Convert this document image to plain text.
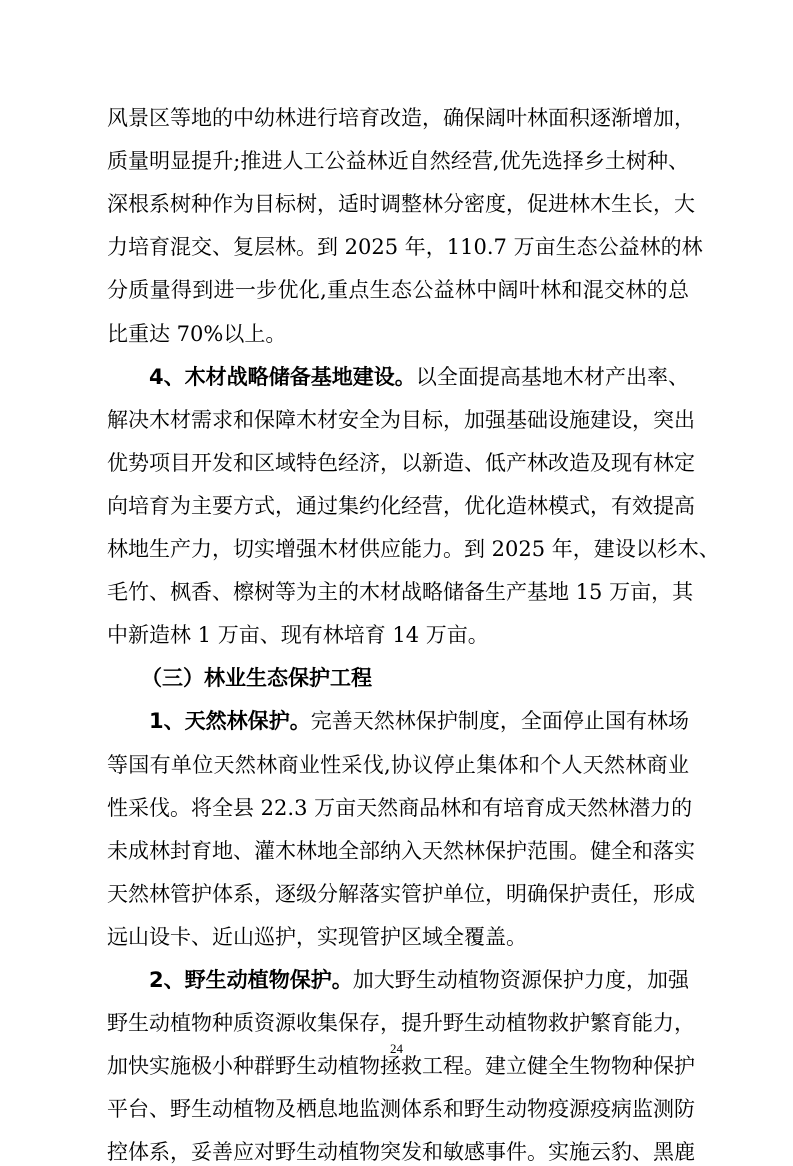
24
风景区等地的中幼林进行培育改造，确保阔叶林面积逐渐增加，
质量明显提升;推进人工公益林近自然经营,优先选择乡土树种、
深根系树种作为目标树，适时调整林分密度，促进林木生长，大
力培育混交、复层林。到 2025 年，110.7 万亩生态公益林的林
分质量得到进一步优化,重点生态公益林中阔叶林和混交林的总
比重达 70%以上。
4、木材战略储备基地建设。以全面提高基地木材产出率、
解决木材需求和保障木材安全为目标，加强基础设施建设，突出
优势项目开发和区域特色经济，以新造、低产林改造及现有林定
向培育为主要方式，通过集约化经营，优化造林模式，有效提高
林地生产力，切实增强木材供应能力。到 2025 年，建设以杉木、
毛竹、枫香、檫树等为主的木材战略储备生产基地 15 万亩，其
中新造林 1 万亩、现有林培育 14 万亩。
（三）林业生态保护工程
1、天然林保护。完善天然林保护制度，全面停止国有林场
等国有单位天然林商业性采伐,协议停止集体和个人天然林商业
性采伐。将全县 22.3 万亩天然商品林和有培育成天然林潜力的
未成林封育地、灌木林地全部纳入天然林保护范围。健全和落实
天然林管护体系，逐级分解落实管护单位，明确保护责任，形成
远山设卡、近山巡护，实现管护区域全覆盖。
2、野生动植物保护。加大野生动植物资源保护力度，加强
野生动植物种质资源收集保存，提升野生动植物救护繁育能力，
加快实施极小种群野生动植物拯救工程。建立健全生物物种保护
平台、野生动植物及栖息地监测体系和野生动物疫源疫病监测防
控体系，妥善应对野生动植物突发和敏感事件。实施云豹、黑鹿
